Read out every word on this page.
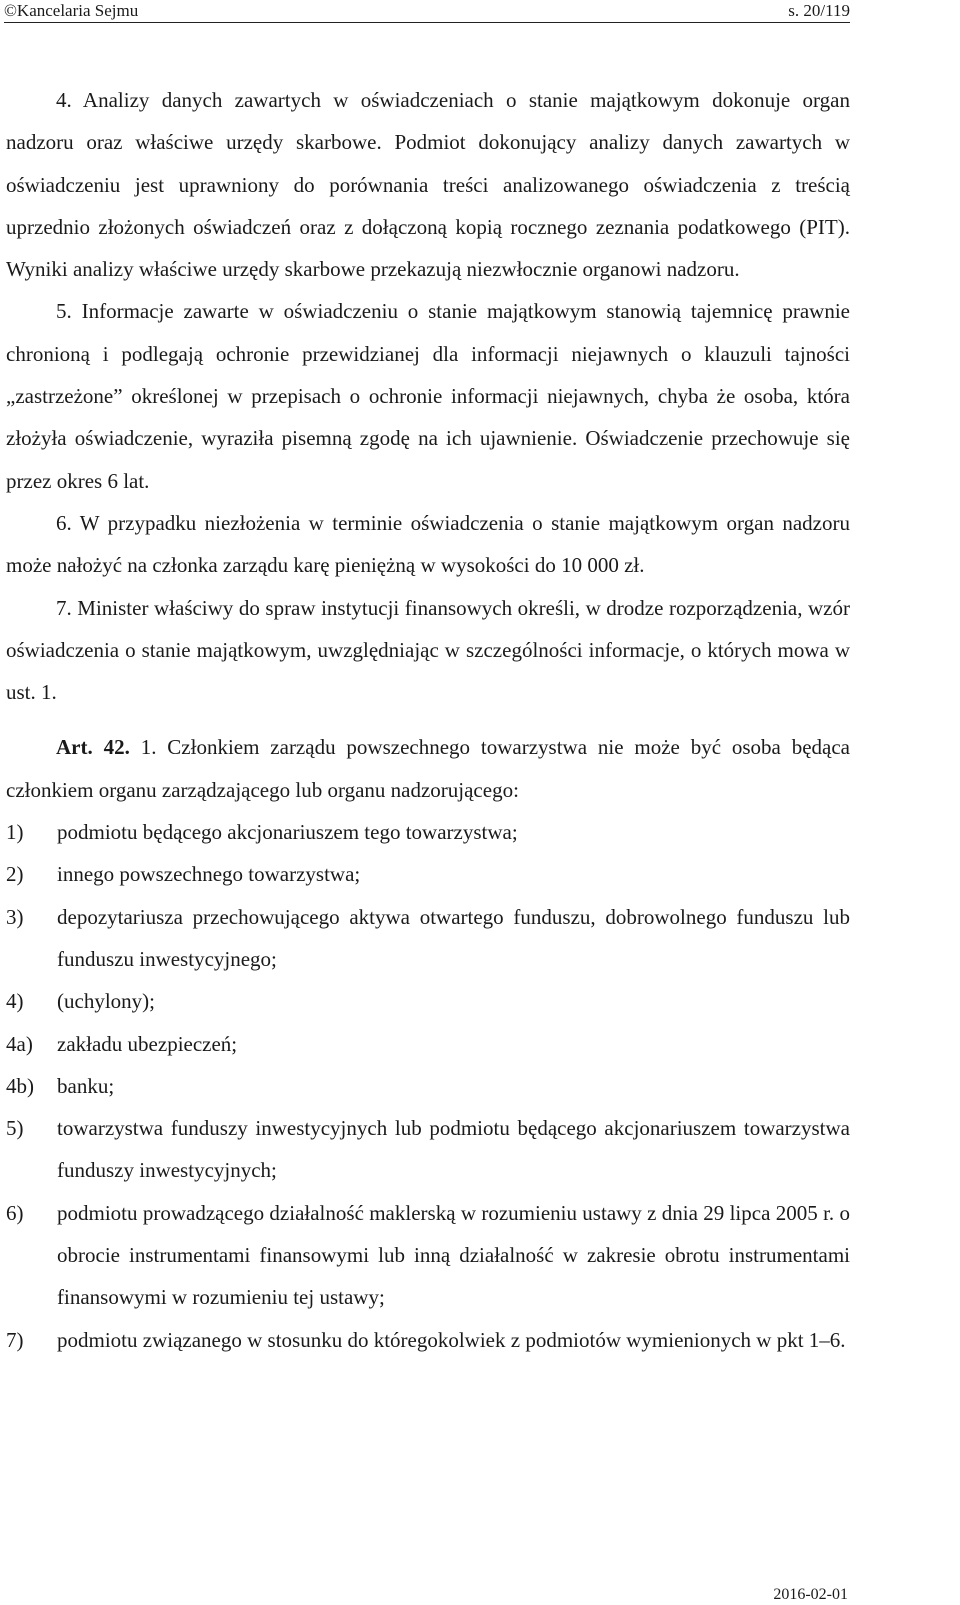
©Kancelaria Sejmu	s. 20/119

4. Analizy danych zawartych w oświadczeniach o stanie majątkowym dokonuje organ nadzoru oraz właściwe urzędy skarbowe. Podmiot dokonujący analizy danych zawartych w oświadczeniu jest uprawniony do porównania treści analizowanego oświadczenia z treścią uprzednio złożonych oświadczeń oraz z dołączoną kopią rocznego zeznania podatkowego (PIT). Wyniki analizy właściwe urzędy skarbowe przekazują niezwłocznie organowi nadzoru.

5. Informacje zawarte w oświadczeniu o stanie majątkowym stanowią tajemnicę prawnie chronioną i podlegają ochronie przewidzianej dla informacji niejawnych o klauzuli tajności „zastrzeżone” określonej w przepisach o ochronie informacji niejawnych, chyba że osoba, która złożyła oświadczenie, wyraziła pisemną zgodę na ich ujawnienie. Oświadczenie przechowuje się przez okres 6 lat.

6. W przypadku niezłożenia w terminie oświadczenia o stanie majątkowym organ nadzoru może nałożyć na członka zarządu karę pieniężną w wysokości do 10 000 zł.

7. Minister właściwy do spraw instytucji finansowych określi, w drodze rozporządzenia, wzór oświadczenia o stanie majątkowym, uwzględniając w szczególności informacje, o których mowa w ust. 1.

Art. 42. 1. Członkiem zarządu powszechnego towarzystwa nie może być osoba będąca członkiem organu zarządzającego lub organu nadzorującego:

1)	podmiotu będącego akcjonariuszem tego towarzystwa;
2)	innego powszechnego towarzystwa;
3)	depozytariusza przechowującego aktywa otwartego funduszu, dobrowolnego funduszu lub funduszu inwestycyjnego;
4)	(uchylony);
4a)	zakładu ubezpieczeń;
4b)	banku;
5)	towarzystwa funduszy inwestycyjnych lub podmiotu będącego akcjonariuszem towarzystwa funduszy inwestycyjnych;
6)	podmiotu prowadzącego działalność maklerską w rozumieniu ustawy z dnia 29 lipca 2005 r. o obrocie instrumentami finansowymi lub inną działalność w zakresie obrotu instrumentami finansowymi w rozumieniu tej ustawy;
7)	podmiotu związanego w stosunku do któregokolwiek z podmiotów wymienionych w pkt 1–6.
2016-02-01
